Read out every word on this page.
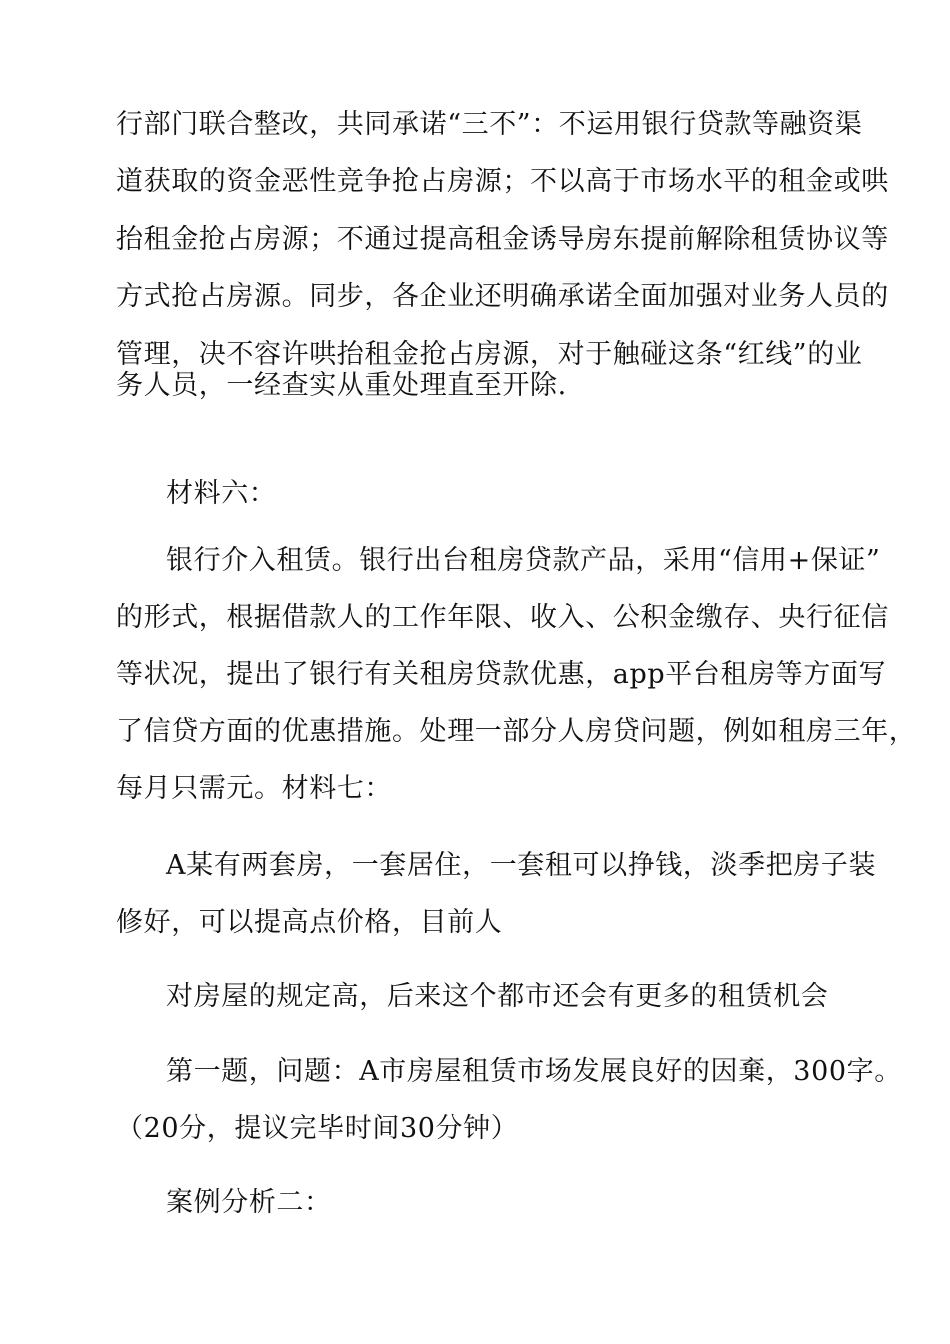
行部门联合整改，共同承诺“三不”：不运用银行贷款等融资渠
道获取的资金恶性竞争抢占房源；不以高于市场水平的租金或哄
抬租金抢占房源；不通过提高租金诱导房东提前解除租赁协议等
方式抢占房源。同步，各企业还明确承诺全面加强对业务人员的
管理，决不容许哄抬租金抢占房源，对于触碰这条“红线”的业
务人员，一经查实从重处理直至开除.
材料六：
银行介入租赁。银行出台租房贷款产品，采用“信用+保证”
的形式，根据借款人的工作年限、收入、公积金缴存、央行征信
等状况，提出了银行有关租房贷款优惠，app平台租房等方面写
了信贷方面的优惠措施。处理一部分人房贷问题，例如租房三年，
每月只需元。材料七：
A某有两套房，一套居住，一套租可以挣钱，淡季把房子装
修好，可以提高点价格，目前人
对房屋的规定高，后来这个都市还会有更多的租赁机会
第一题，问题：A市房屋租赁市场发展良好的因棄，300字。
（20分，提议完毕时间30分钟）
案例分析二：
